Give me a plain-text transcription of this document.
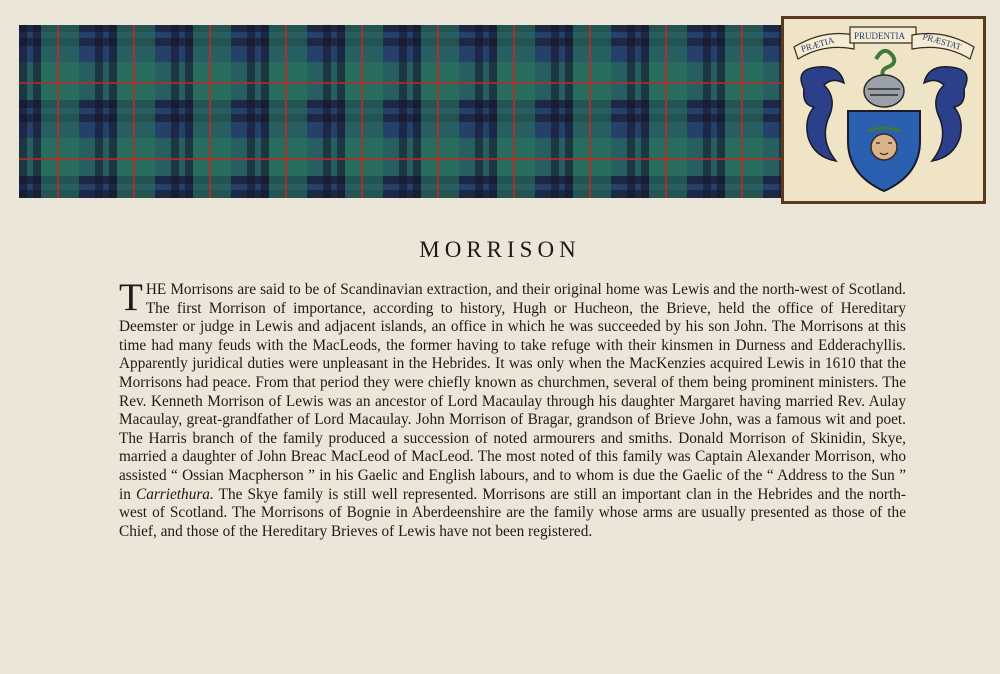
PRÆTIA PRUDENTIA PRÆSTAT
MORRISON
THE Morrisons are said to be of Scandinavian extraction, and their original home was Lewis and the north-west of Scotland. The first Morrison of importance, according to history, Hugh or Hucheon, the Brieve, held the office of Hereditary Deemster or judge in Lewis and adjacent islands, an office in which he was succeeded by his son John. The Morrisons at this time had many feuds with the MacLeods, the former having to take refuge with their kinsmen in Durness and Edderachyllis. Apparently juridical duties were unpleasant in the Hebrides. It was only when the MacKenzies acquired Lewis in 1610 that the Morrisons had peace. From that period they were chiefly known as churchmen, several of them being prominent ministers. The Rev. Kenneth Morrison of Lewis was an ancestor of Lord Macaulay through his daughter Margaret having married Rev. Aulay Macaulay, great-grandfather of Lord Macaulay. John Morrison of Bragar, grandson of Brieve John, was a famous wit and poet. The Harris branch of the family produced a succession of noted armourers and smiths. Donald Morrison of Skinidin, Skye, married a daughter of John Breac MacLeod of MacLeod. The most noted of this family was Captain Alexander Morrison, who assisted “ Ossian Macpherson ” in his Gaelic and English labours, and to whom is due the Gaelic of the “ Address to the Sun ” in Carriethura. The Skye family is still well represented. Morrisons are still an important clan in the Hebrides and the north-west of Scotland. The Morrisons of Bognie in Aberdeenshire are the family whose arms are usually presented as those of the Chief, and those of the Hereditary Brieves of Lewis have not been registered.
